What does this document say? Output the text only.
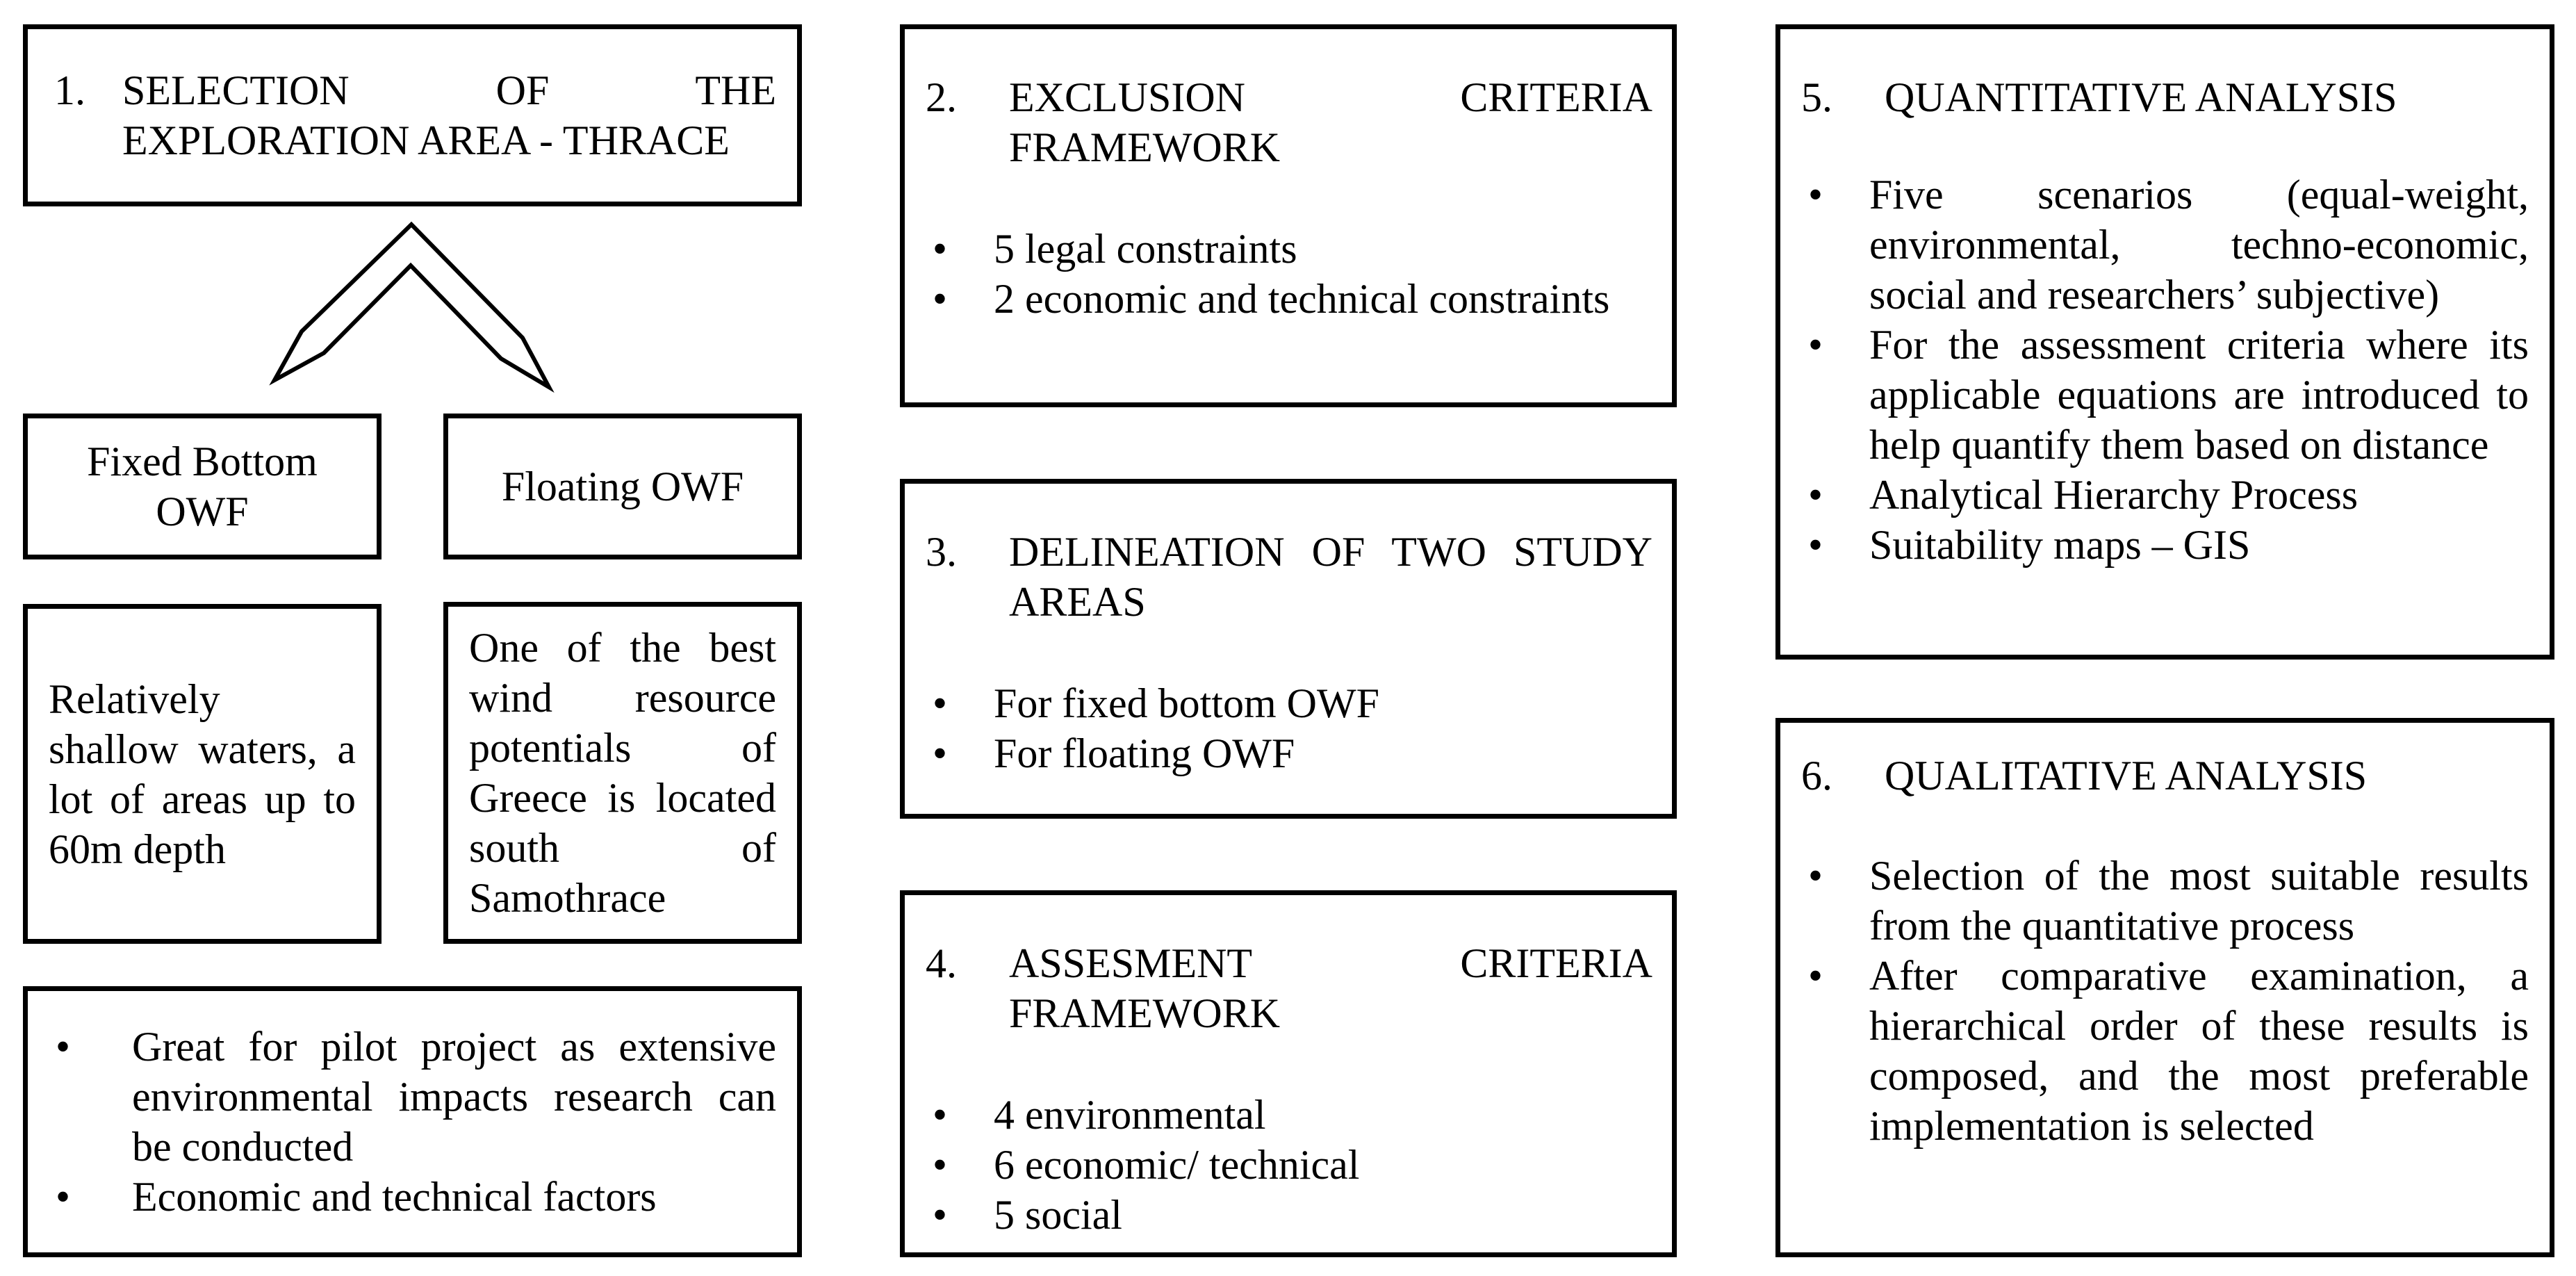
1. SELECTION OF THE EXPLORATION AREA - THRACE
Fixed Bottom
OWF
Floating OWF
Relatively shallow waters, a lot of areas up to 60m depth
One of the best wind resource potentials of Greece is located south of Samothrace
•	Great for pilot project as extensive environmental impacts research can be conducted
•	Economic and technical factors
2.	EXCLUSION CRITERIA FRAMEWORK
•	5 legal constraints
•	2 economic and technical constraints
3.	DELINEATION OF TWO STUDY AREAS
•	For fixed bottom OWF
•	For floating OWF
4.	ASSESMENT CRITERIA FRAMEWORK
•	4 environmental
•	6 economic/ technical
•	5 social
5.	QUANTITATIVE ANALYSIS
•	Five scenarios (equal-weight, environmental, techno-economic, social and researchers’ subjective)
•	For the assessment criteria where its applicable equations are introduced to help quantify them based on distance
•	Analytical Hierarchy Process
•	Suitability maps – GIS
6.	QUALITATIVE ANALYSIS
•	Selection of the most suitable results from the quantitative process
•	After comparative examination, a hierarchical order of these results is composed, and the most preferable implementation is selected
